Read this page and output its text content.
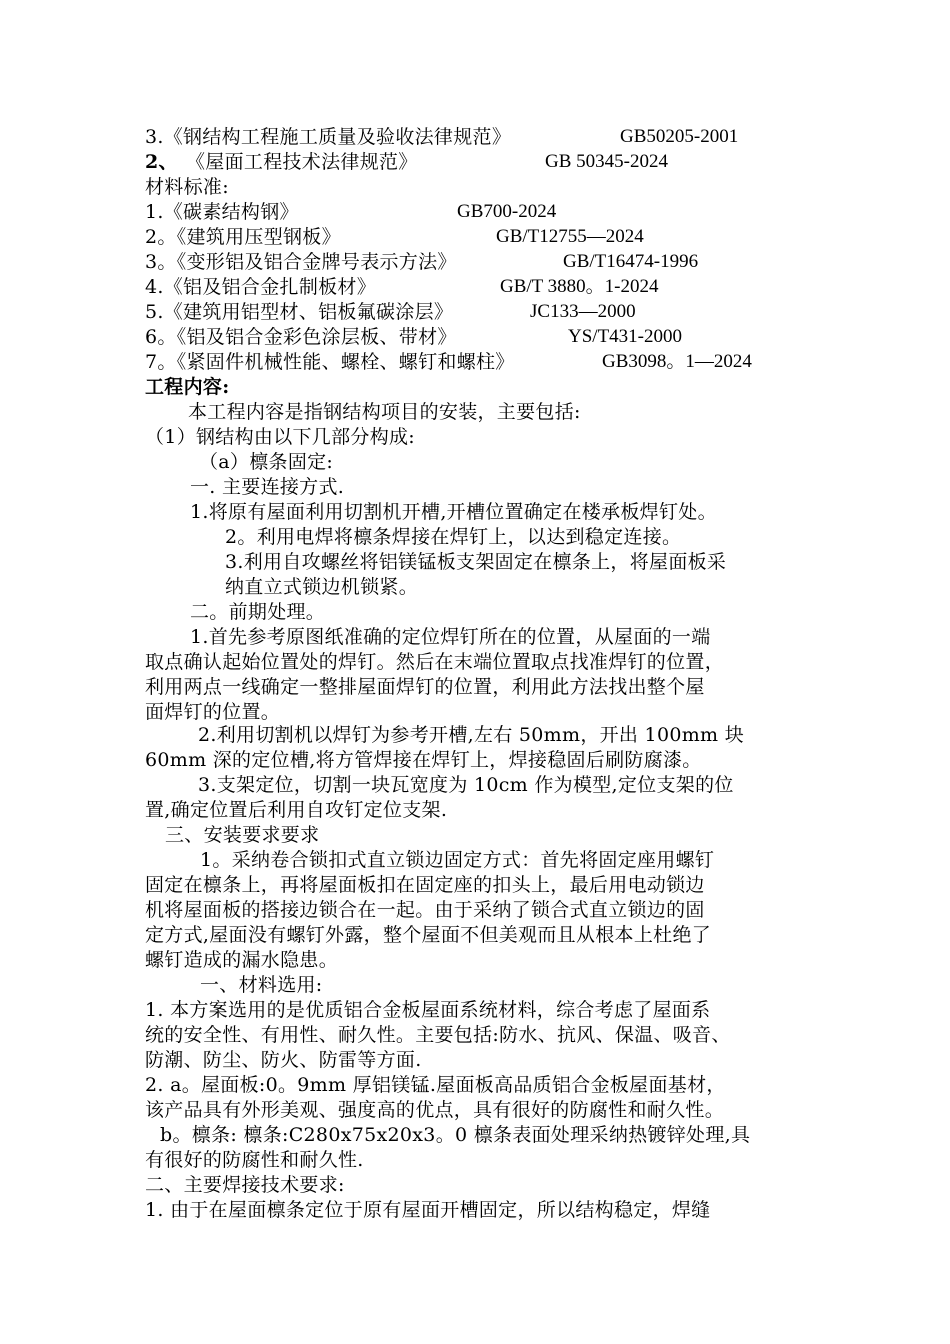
3.《钢结构工程施工质量及验收法律规范》	GB50205-2001
2、 《屋面工程技术法律规范》	GB 50345-2024
材料标准:
1.《碳素结构钢》	GB700-2024
2。《建筑用压型钢板》	GB/T12755—2024
3。《变形铝及铝合金牌号表示方法》	GB/T16474-1996
4.《铝及铝合金扎制板材》	GB/T 3880。1-2024
5.《建筑用铝型材、铝板氟碳涂层》	JC133—2000
6。《铝及铝合金彩色涂层板、带材》	YS/T431-2000
7。《紧固件机械性能、螺栓、螺钉和螺柱》	GB3098。1—2024
工程内容:
本工程内容是指钢结构项目的安装，主要包括:
（1）钢结构由以下几部分构成:
（a）檩条固定:
一. 主要连接方式.
1.将原有屋面利用切割机开槽,开槽位置确定在楼承板焊钉处。
2。利用电焊将檩条焊接在焊钉上，以达到稳定连接。
3.利用自攻螺丝将铝镁锰板支架固定在檩条上，将屋面板采
纳直立式锁边机锁紧。
二。前期处理。
1.首先参考原图纸准确的定位焊钉所在的位置，从屋面的一端
取点确认起始位置处的焊钉。然后在末端位置取点找准焊钉的位置，
利用两点一线确定一整排屋面焊钉的位置，利用此方法找出整个屋
面焊钉的位置。
2.利用切割机以焊钉为参考开槽,左右 50mm，开出 100mm 块
60mm 深的定位槽,将方管焊接在焊钉上，焊接稳固后刷防腐漆。
3.支架定位，切割一块瓦宽度为 10cm 作为模型,定位支架的位
置,确定位置后利用自攻钉定位支架.
三、安装要求要求
1。采纳卷合锁扣式直立锁边固定方式：首先将固定座用螺钉
固定在檩条上，再将屋面板扣在固定座的扣头上，最后用电动锁边
机将屋面板的搭接边锁合在一起。由于采纳了锁合式直立锁边的固
定方式,屋面没有螺钉外露，整个屋面不但美观而且从根本上杜绝了
螺钉造成的漏水隐患。
一、材料选用:
1. 本方案选用的是优质铝合金板屋面系统材料，综合考虑了屋面系
统的安全性、有用性、耐久性。主要包括:防水、抗风、保温、吸音、
防潮、防尘、防火、防雷等方面.
2. a。屋面板:0。9mm 厚铝镁锰.屋面板高品质铝合金板屋面基材，
该产品具有外形美观、强度高的优点，具有很好的防腐性和耐久性。
b。檩条: 檩条:C280x75x20x3。0 檩条表面处理采纳热镀锌处理,具
有很好的防腐性和耐久性.
二、主要焊接技术要求:
1. 由于在屋面檩条定位于原有屋面开槽固定，所以结构稳定，焊缝
